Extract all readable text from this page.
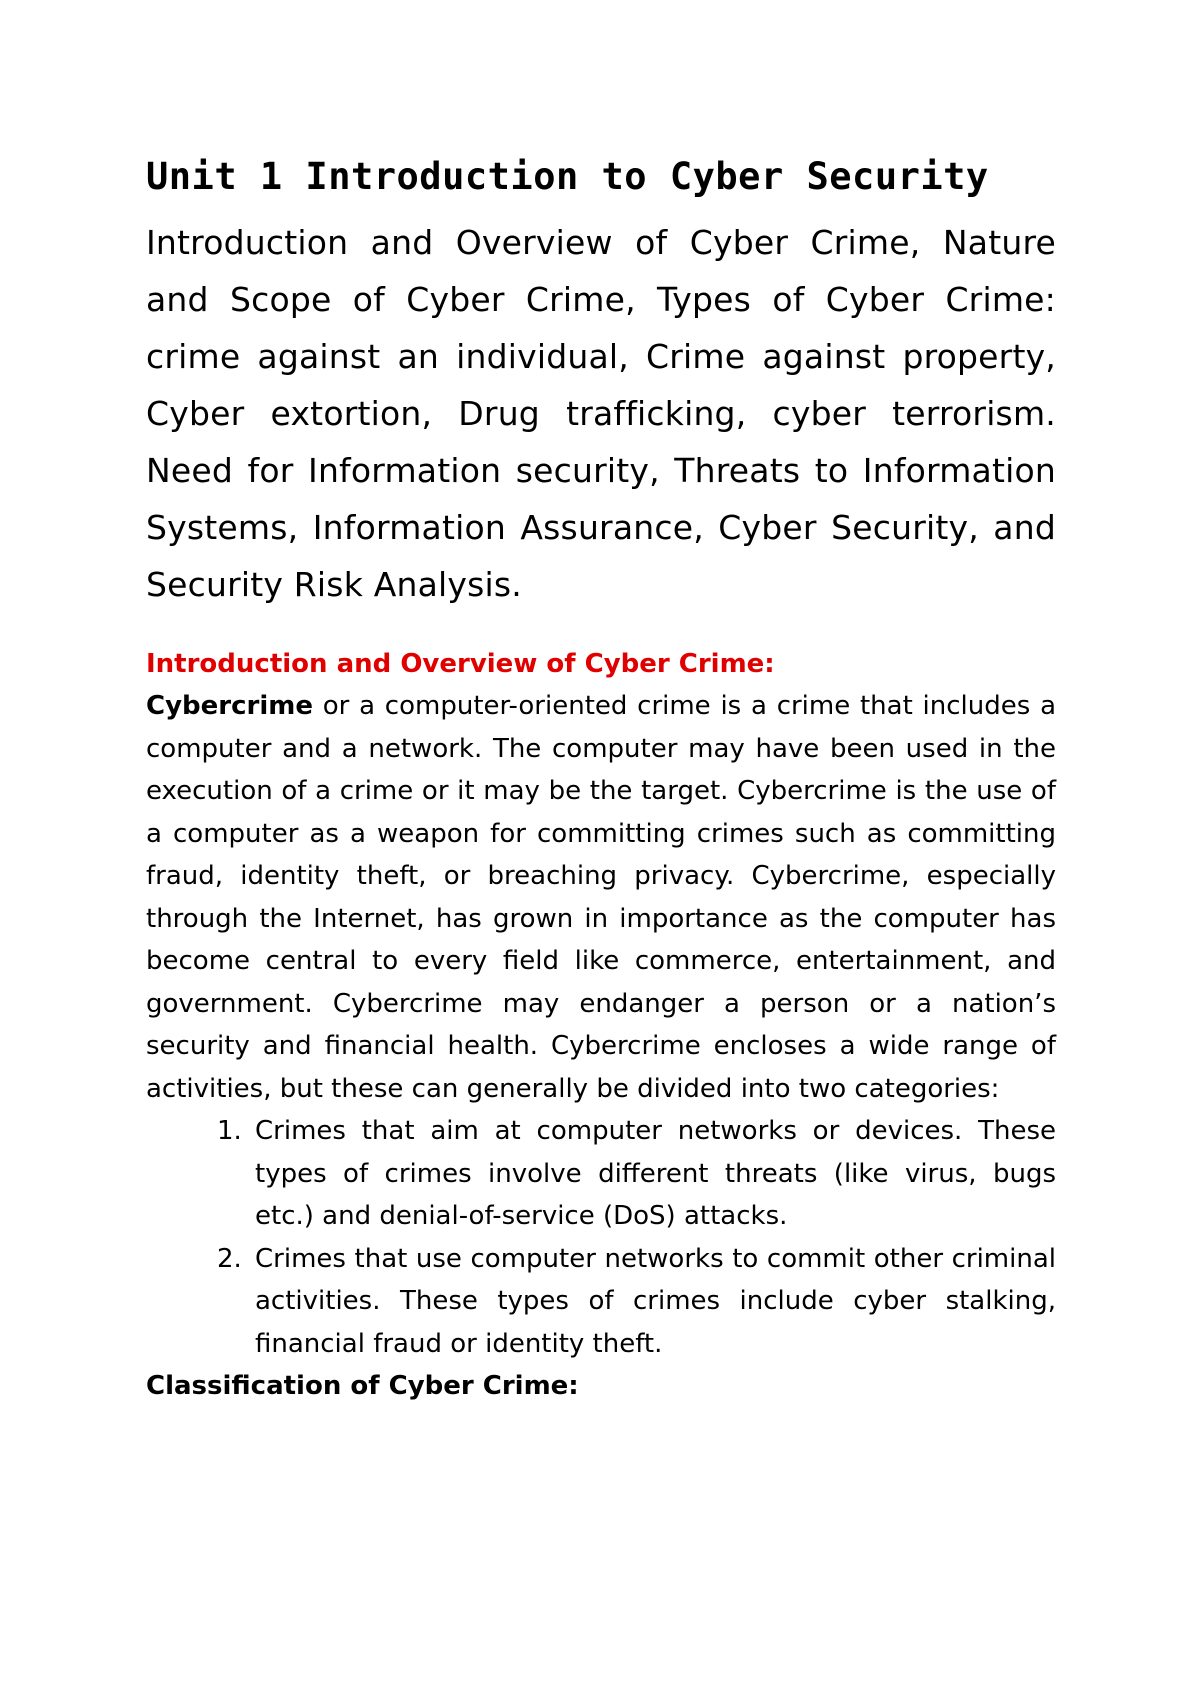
Unit 1 Introduction to Cyber Security

Introduction and Overview of Cyber Crime, Nature and Scope of Cyber Crime, Types of Cyber Crime: crime against an individual, Crime against property, Cyber extortion, Drug trafficking, cyber terrorism. Need for Information security, Threats to Information Systems, Information Assurance, Cyber Security, and Security Risk Analysis.

Introduction and Overview of Cyber Crime:

Cybercrime or a computer-oriented crime is a crime that includes a computer and a network. The computer may have been used in the execution of a crime or it may be the target. Cybercrime is the use of a computer as a weapon for committing crimes such as committing fraud, identity theft, or breaching privacy. Cybercrime, especially through the Internet, has grown in importance as the computer has become central to every field like commerce, entertainment, and government. Cybercrime may endanger a person or a nation’s security and financial health. Cybercrime encloses a wide range of activities, but these can generally be divided into two categories:

1. Crimes that aim at computer networks or devices. These types of crimes involve different threats (like virus, bugs etc.) and denial-of-service (DoS) attacks.
2. Crimes that use computer networks to commit other criminal activities. These types of crimes include cyber stalking, financial fraud or identity theft.
Classification of Cyber Crime:
